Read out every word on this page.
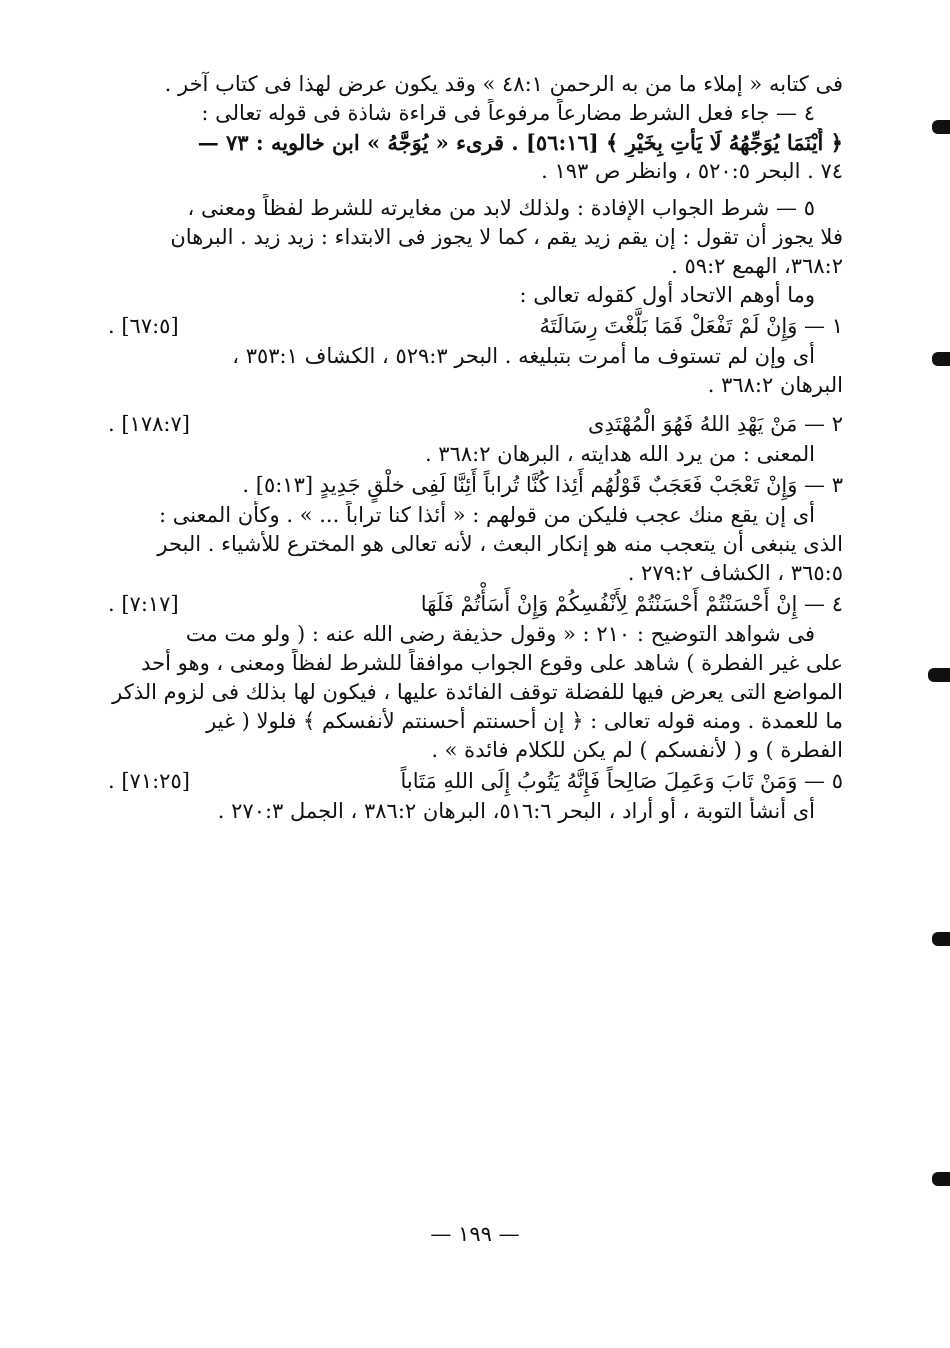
فى كتابه « إملاء ما من به الرحمن ٤٨:١ » وقد يكون عرض لهذا فى كتاب آخر .
٤ — جاء فعل الشرط مضارعاً مرفوعاً فى قراءة شاذة فى قوله تعالى :
﴿ أَيْنَمَا يُوَجِّهُهُ لَا يَأْتِ بِخَيْرٍ ﴾ [٥٦:١٦] . قرىء « يُوَجَّهُ » ابن خالويه : ٧٣ —
٧٤ . البحر ٥٢٠:٥ ، وانظر ص ١٩٣ .
٥ — شرط الجواب الإفادة : ولذلك لابد من مغايرته للشرط لفظاً ومعنى ،
فلا يجوز أن تقول : إن يقم زيد يقم ، كما لا يجوز فى الابتداء : زيد زيد . البرهان
٣٦٨:٢، الهمع ٥٩:٢ .
وما أوهم الاتحاد أول كقوله تعالى :
١ — وَإِنْ لَمْ تَفْعَلْ فَمَا بَلَّغْتَ رِسَالَتَهُ
[٦٧:٥] .
أى وإن لم تستوف ما أمرت بتبليغه . البحر ٥٢٩:٣ ، الكشاف ٣٥٣:١ ،
البرهان ٣٦٨:٢ .
٢ — مَنْ يَهْدِ اللهُ فَهُوَ الْمُهْتَدِى
[١٧٨:٧] .
المعنى : من يرد الله هدايته ، البرهان ٣٦٨:٢ .
٣ — وَإِنْ تَعْجَبْ فَعَجَبٌ قَوْلُهُم أَئِذا كُنَّا تُراباً أَئِنَّا لَفِى خلْقٍ جَدِيدٍ [٥:١٣] .
أى إن يقع منك عجب فليكن من قولهم : « أئذا كنا تراباً ... » . وكأن المعنى :
الذى ينبغى أن يتعجب منه هو إنكار البعث ، لأنه تعالى هو المخترع للأشياء . البحر
٣٦٥:٥ ، الكشاف ٢٧٩:٢ .
٤ — إِنْ أَحْسَنْتُمْ أَحْسَنْتُمْ لِأَنْفُسِكُمْ وَإِنْ أَسَأْتُمْ فَلَهَا
[٧:١٧] .
فى شواهد التوضيح : ٢١٠ : « وقول حذيفة رضى الله عنه : ( ولو مت مت
على غير الفطرة ) شاهد على وقوع الجواب موافقاً للشرط لفظاً ومعنى ، وهو أحد
المواضع التى يعرض فيها للفضلة توقف الفائدة عليها ، فيكون لها بذلك فى لزوم الذكر
ما للعمدة . ومنه قوله تعالى : ﴿ إن أحسنتم أحسنتم لأنفسكم ﴾ فلولا ( غير
الفطرة ) و ( لأنفسكم ) لم يكن للكلام فائدة » .
٥ — وَمَنْ تَابَ وَعَمِلَ صَالِحاً فَإِنَّهُ يَتُوبُ إِلَى اللهِ مَتَاباً
[٧١:٢٥] .
أى أنشأ التوبة ، أو أراد ، البحر ٥١٦:٦، البرهان ٣٨٦:٢ ، الجمل ٢٧٠:٣ .
— ١٩٩ —
